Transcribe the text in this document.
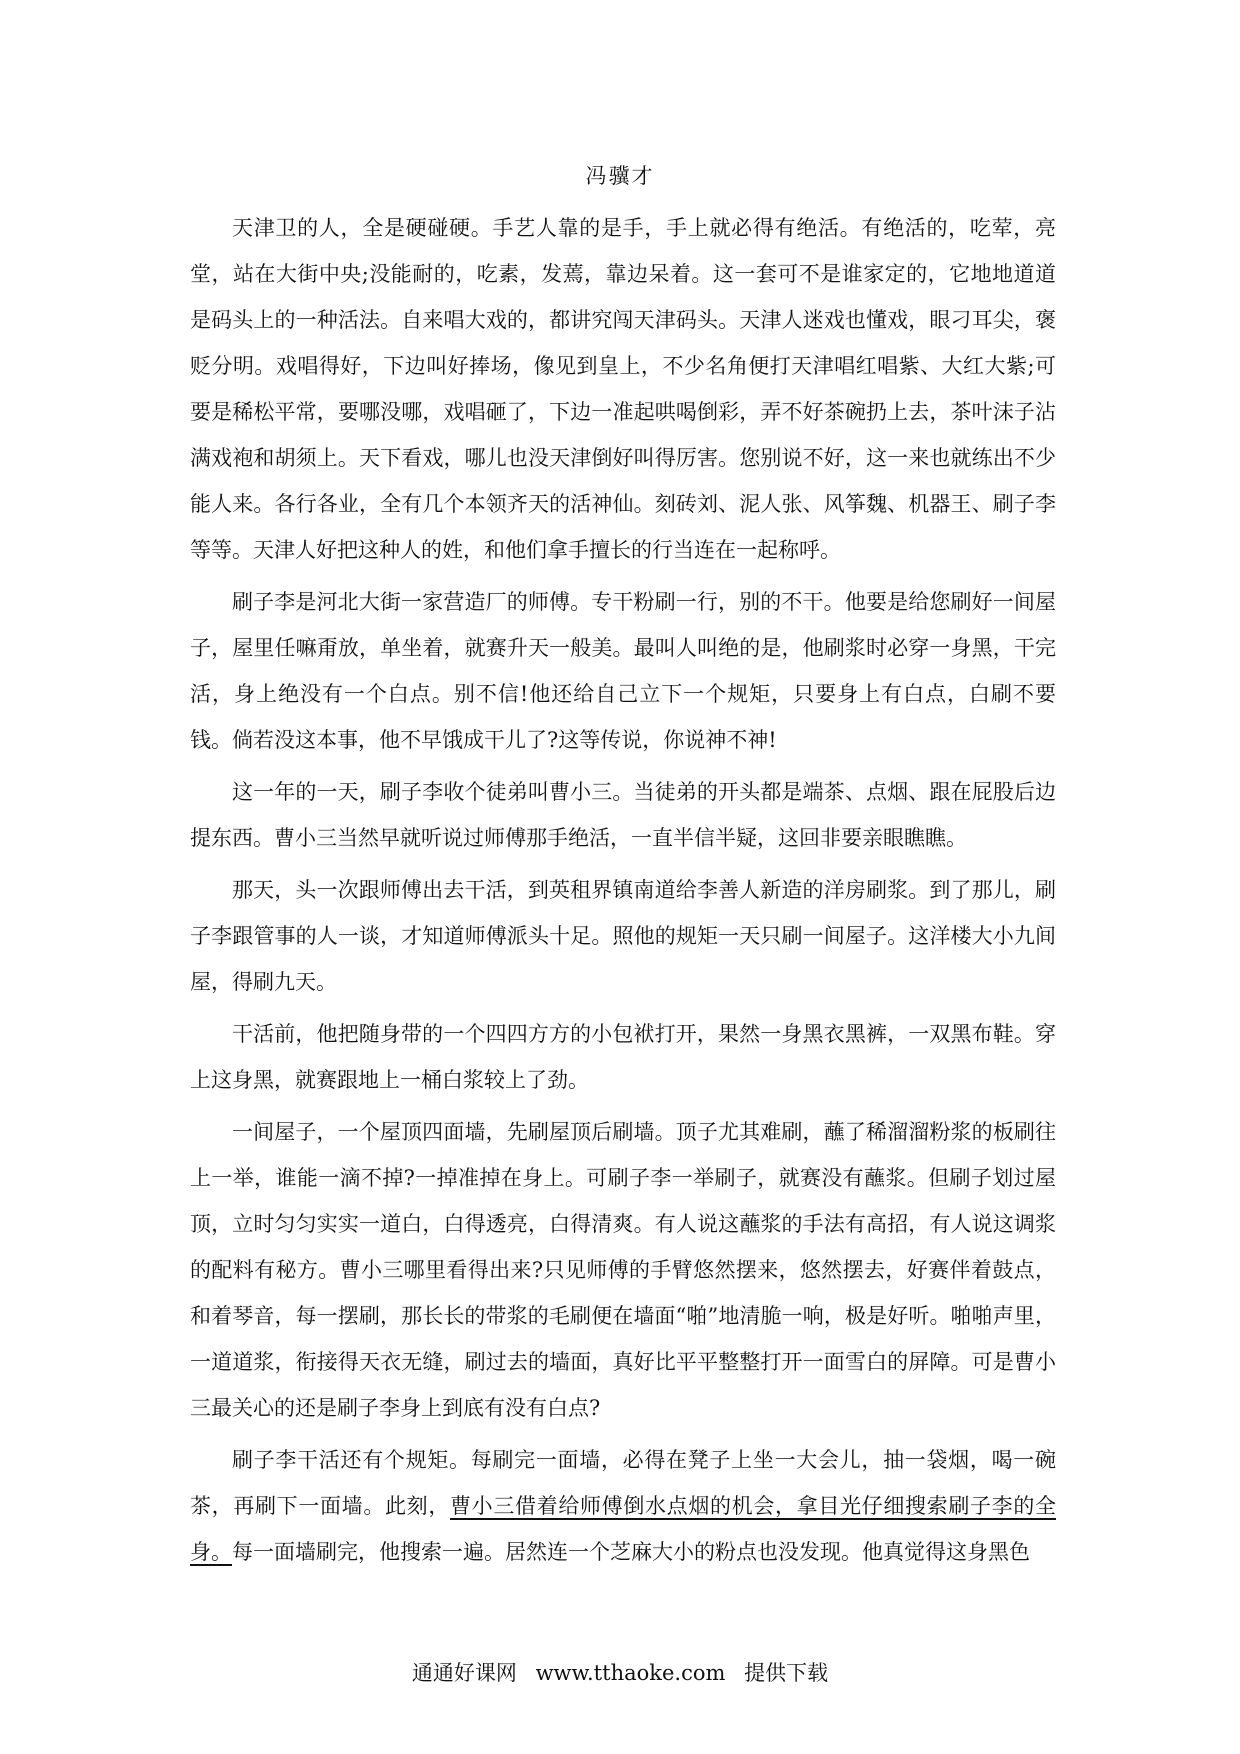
冯骥才

天津卫的人，全是硬碰硬。手艺人靠的是手，手上就必得有绝活。有绝活的，吃荤，亮堂，站在大街中央;没能耐的，吃素，发蔫，靠边呆着。这一套可不是谁家定的，它地地道道是码头上的一种活法。自来唱大戏的，都讲究闯天津码头。天津人迷戏也懂戏，眼刁耳尖，褒贬分明。戏唱得好，下边叫好捧场，像见到皇上，不少名角便打天津唱红唱紫、大红大紫;可要是稀松平常，要哪没哪，戏唱砸了，下边一准起哄喝倒彩，弄不好茶碗扔上去，茶叶沫子沾满戏袍和胡须上。天下看戏，哪儿也没天津倒好叫得厉害。您别说不好，这一来也就练出不少能人来。各行各业，全有几个本领齐天的活神仙。刻砖刘、泥人张、风筝魏、机器王、刷子李等等。天津人好把这种人的姓，和他们拿手擅长的行当连在一起称呼。

刷子李是河北大街一家营造厂的师傅。专干粉刷一行，别的不干。他要是给您刷好一间屋子，屋里任嘛甭放，单坐着，就赛升天一般美。最叫人叫绝的是，他刷浆时必穿一身黑，干完活，身上绝没有一个白点。别不信!他还给自己立下一个规矩，只要身上有白点，白刷不要钱。倘若没这本事，他不早饿成干儿了?这等传说，你说神不神!

这一年的一天，刷子李收个徒弟叫曹小三。当徒弟的开头都是端茶、点烟、跟在屁股后边提东西。曹小三当然早就听说过师傅那手绝活，一直半信半疑，这回非要亲眼瞧瞧。

那天，头一次跟师傅出去干活，到英租界镇南道给李善人新造的洋房刷浆。到了那儿，刷子李跟管事的人一谈，才知道师傅派头十足。照他的规矩一天只刷一间屋子。这洋楼大小九间屋，得刷九天。

干活前，他把随身带的一个四四方方的小包袱打开，果然一身黑衣黑裤，一双黑布鞋。穿上这身黑，就赛跟地上一桶白浆较上了劲。

一间屋子，一个屋顶四面墙，先刷屋顶后刷墙。顶子尤其难刷，蘸了稀溜溜粉浆的板刷往上一举，谁能一滴不掉?一掉准掉在身上。可刷子李一举刷子，就赛没有蘸浆。但刷子划过屋顶，立时匀匀实实一道白，白得透亮，白得清爽。有人说这蘸浆的手法有高招，有人说这调浆的配料有秘方。曹小三哪里看得出来?只见师傅的手臂悠然摆来，悠然摆去，好赛伴着鼓点，和着琴音，每一摆刷，那长长的带浆的毛刷便在墙面“啪”地清脆一响，极是好听。啪啪声里，一道道浆，衔接得天衣无缝，刷过去的墙面，真好比平平整整打开一面雪白的屏障。可是曹小三最关心的还是刷子李身上到底有没有白点?

刷子李干活还有个规矩。每刷完一面墙，必得在凳子上坐一大会儿，抽一袋烟，喝一碗茶，再刷下一面墙。此刻，曹小三借着给师傅倒水点烟的机会，拿目光仔细搜索刷子李的全身。每一面墙刷完，他搜索一遍。居然连一个芝麻大小的粉点也没发现。他真觉得这身黑色

通通好课网 www.tthaoke.com 提供下载
